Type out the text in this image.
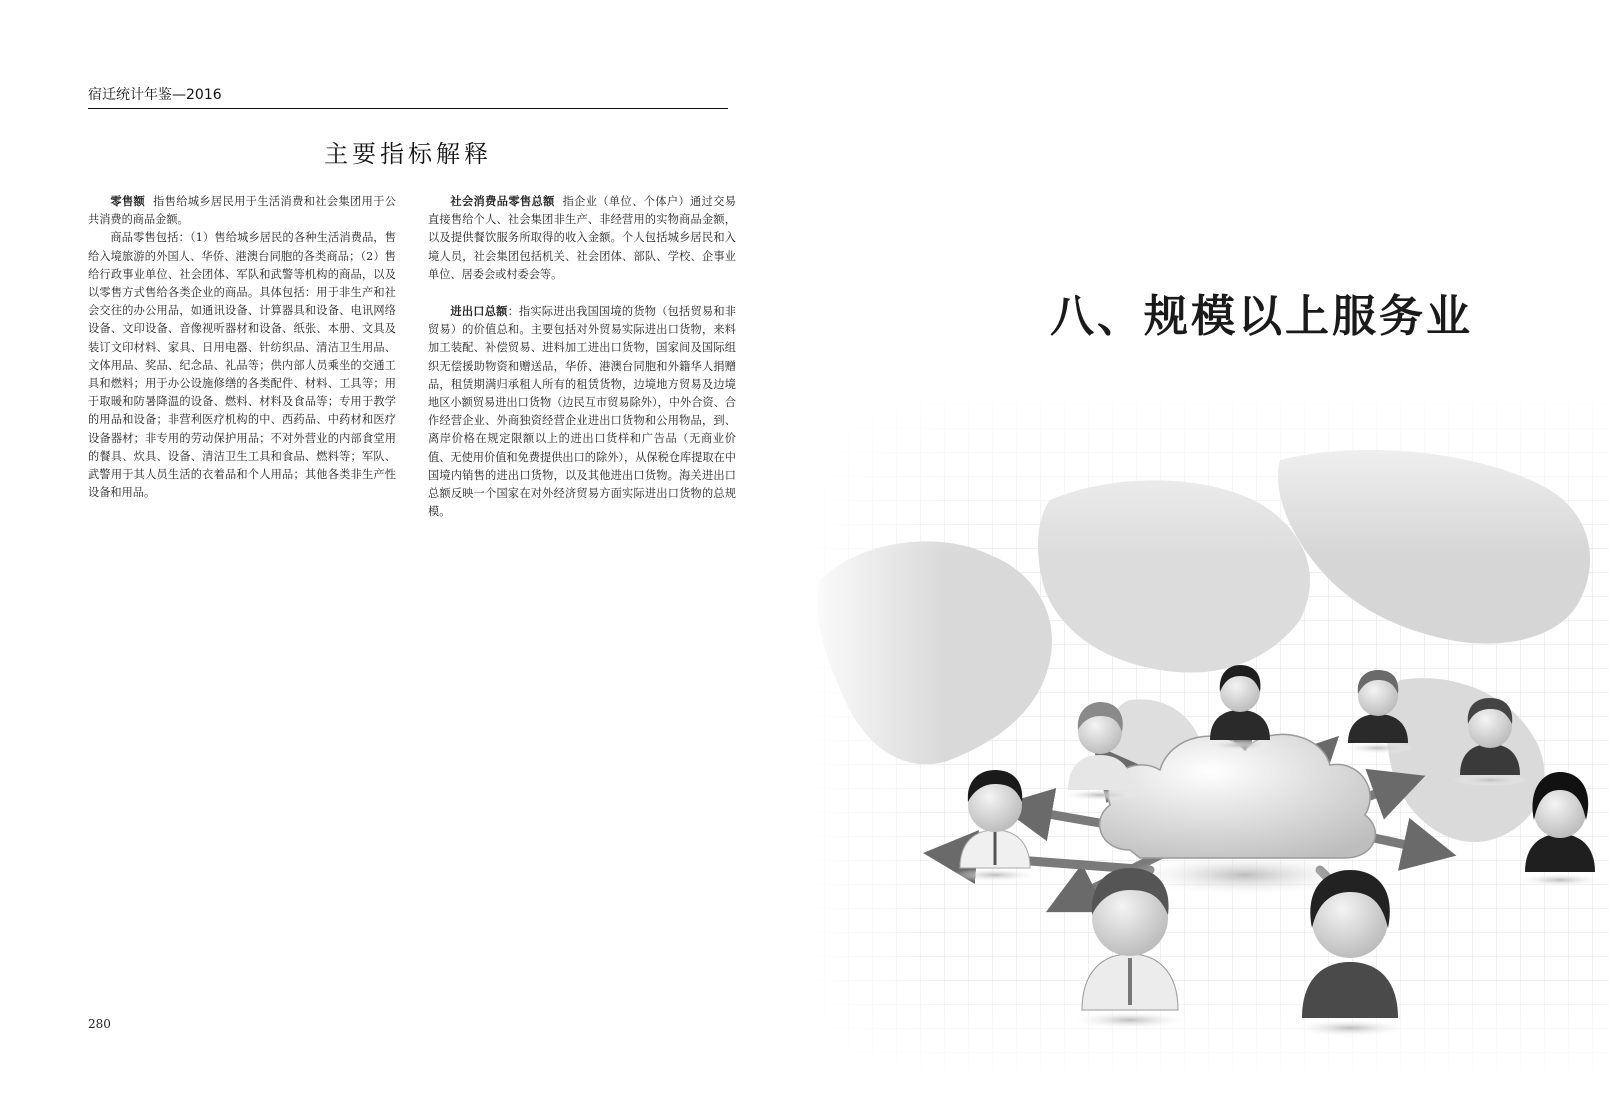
宿迁统计年鉴—2016
主要指标解释

零售额 指售给城乡居民用于生活消费和社会集团用于公共消费的商品金额。

商品零售包括：（1）售给城乡居民的各种生活消费品，售给入境旅游的外国人、华侨、港澳台同胞的各类商品；（2）售给行政事业单位、社会团体、军队和武警等机构的商品，以及以零售方式售给各类企业的商品。具体包括：用于非生产和社会交往的办公用品，如通讯设备、计算器具和设备、电讯网络设备、文印设备、音像视听器材和设备、纸张、本册、文具及装订文印材料、家具、日用电器、针纺织品、清洁卫生用品、文体用品、奖品、纪念品、礼品等；供内部人员乘坐的交通工具和燃料；用于办公设施修缮的各类配件、材料、工具等；用于取暖和防暑降温的设备、燃料、材料及食品等；专用于教学的用品和设备；非营利医疗机构的中、西药品、中药材和医疗设备器材；非专用的劳动保护用品；不对外营业的内部食堂用的餐具、炊具、设备、清洁卫生工具和食品、燃料等；军队、武警用于其人员生活的衣着品和个人用品；其他各类非生产性设备和用品。

社会消费品零售总额 指企业（单位、个体户）通过交易直接售给个人、社会集团非生产、非经营用的实物商品金额，以及提供餐饮服务所取得的收入金额。个人包括城乡居民和入境人员，社会集团包括机关、社会团体、部队、学校、企事业单位、居委会或村委会等。

进出口总额：指实际进出我国国境的货物（包括贸易和非贸易）的价值总和。主要包括对外贸易实际进出口货物，来料加工装配、补偿贸易、进料加工进出口货物，国家间及国际组织无偿援助物资和赠送品，华侨、港澳台同胞和外籍华人捐赠品，租赁期满归承租人所有的租赁货物，边境地方贸易及边境地区小额贸易进出口货物（边民互市贸易除外），中外合资、合作经营企业、外商独资经营企业进出口货物和公用物品，到、离岸价格在规定限额以上的进出口货样和广告品（无商业价值、无使用价值和免费提供出口的除外），从保税仓库提取在中国境内销售的进出口货物，以及其他进出口货物。海关进出口总额反映一个国家在对外经济贸易方面实际进出口货物的总规模。

280
八、规模以上服务业
